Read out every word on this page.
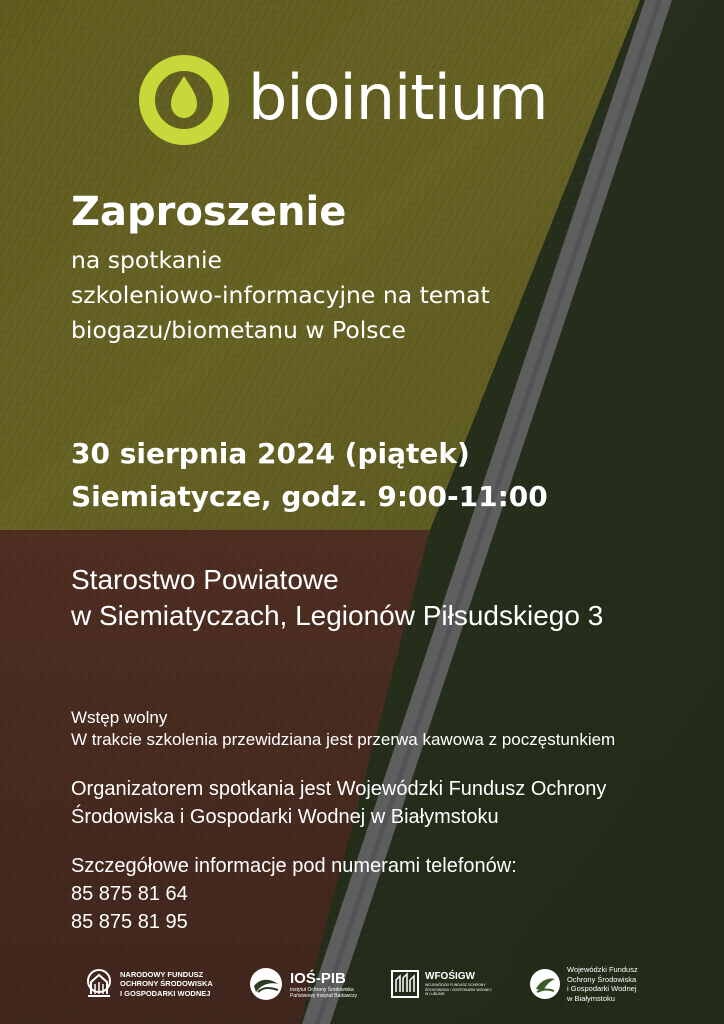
bioinitium
Zaproszenie
na spotkanie
szkoleniowo-informacyjne na temat
biogazu/biometanu w Polsce
30 sierpnia 2024 (piątek)
Siemiatycze, godz. 9:00-11:00
Starostwo Powiatowe
w Siemiatyczach, Legionów Piłsudskiego 3
Wstęp wolny
W trakcie szkolenia przewidziana jest przerwa kawowa z poczęstunkiem
Organizatorem spotkania jest Wojewódzki Fundusz Ochrony
Środowiska i Gospodarki Wodnej w Białymstoku
Szczegółowe informacje pod numerami telefonów:
85 875 81 64
85 875 81 95
NARODOWY FUNDUSZ
OCHRONY ŚRODOWISKA
I GOSPODARKI WODNEJ
IOŚ-PIB
Instytut Ochrony Środowiska
Państwowy Instytut Badawczy
WFOŚIGW
WOJEWÓDZKI FUNDUSZ OCHRONY
ŚRODOWISKA I GOSPODARKI WODNEJ
W LUBLINIE
Wojewódzki Fundusz
Ochrony Środowiska
i Gospodarki Wodnej
w Białymstoku
